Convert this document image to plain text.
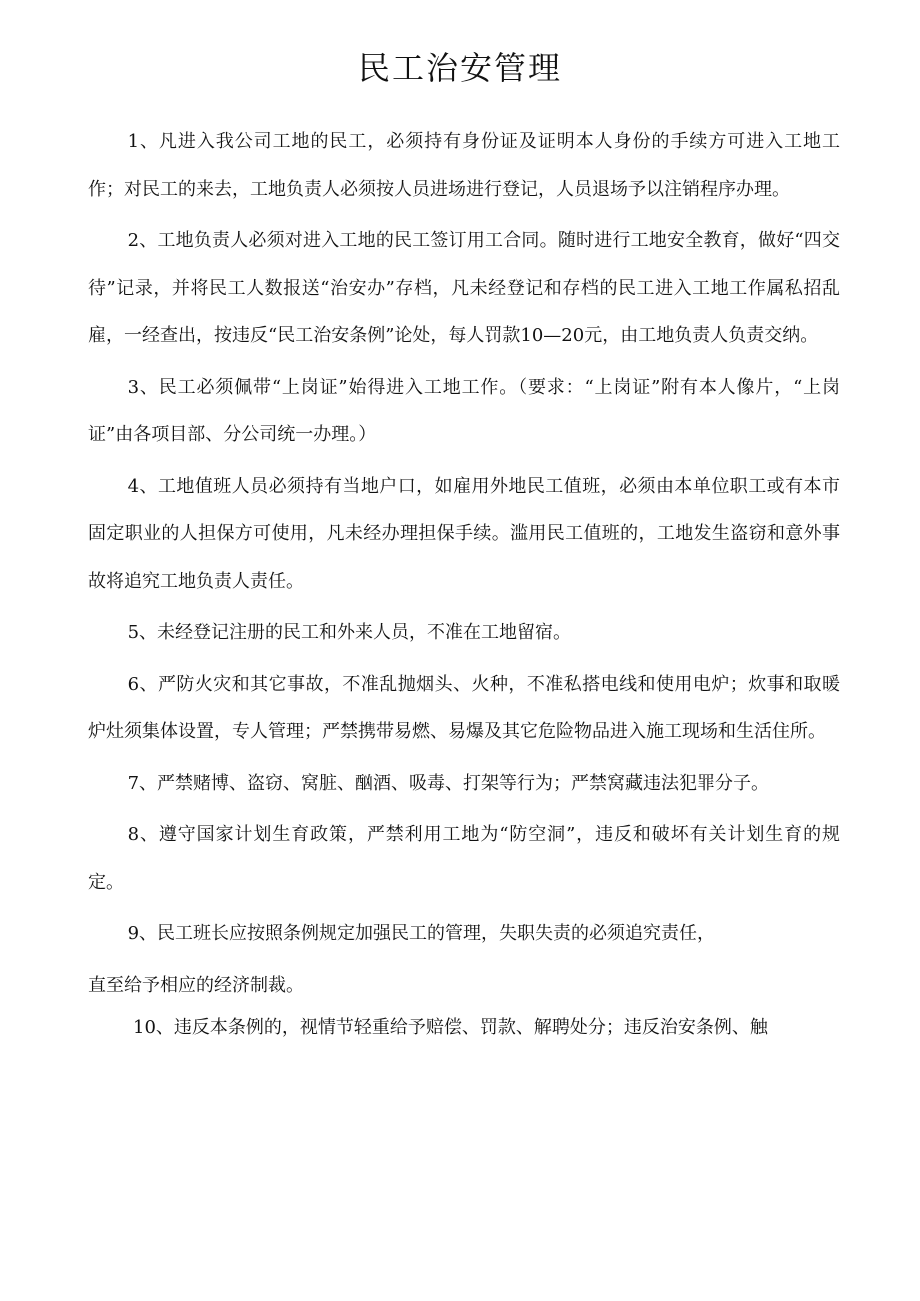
民工治安管理

1、凡进入我公司工地的民工，必须持有身份证及证明本人身份的手续方可进入工地工作；对民工的来去，工地负责人必须按人员进场进行登记，人员退场予以注销程序办理。

2、工地负责人必须对进入工地的民工签订用工合同。随时进行工地安全教育，做好“四交待”记录，并将民工人数报送“治安办”存档，凡未经登记和存档的民工进入工地工作属私招乱雇，一经查出，按违反“民工治安条例”论处，每人罚款10—20元，由工地负责人负责交纳。

3、民工必须佩带“上岗证”始得进入工地工作。（要求：“上岗证”附有本人像片，“上岗证”由各项目部、分公司统一办理。）

4、工地值班人员必须持有当地户口，如雇用外地民工值班，必须由本单位职工或有本市固定职业的人担保方可使用，凡未经办理担保手续。滥用民工值班的，工地发生盗窃和意外事故将追究工地负责人责任。

5、未经登记注册的民工和外来人员，不准在工地留宿。

6、严防火灾和其它事故，不准乱抛烟头、火种，不准私搭电线和使用电炉；炊事和取暖炉灶须集体设置，专人管理；严禁携带易燃、易爆及其它危险物品进入施工现场和生活住所。

7、严禁赌博、盗窃、窝脏、酗酒、吸毒、打架等行为；严禁窝藏违法犯罪分子。

8、遵守国家计划生育政策，严禁利用工地为“防空洞”，违反和破坏有关计划生育的规定。

9、民工班长应按照条例规定加强民工的管理，失职失责的必须追究责任，

直至给予相应的经济制裁。

10、违反本条例的，视情节轻重给予赔偿、罚款、解聘处分；违反治安条例、触
